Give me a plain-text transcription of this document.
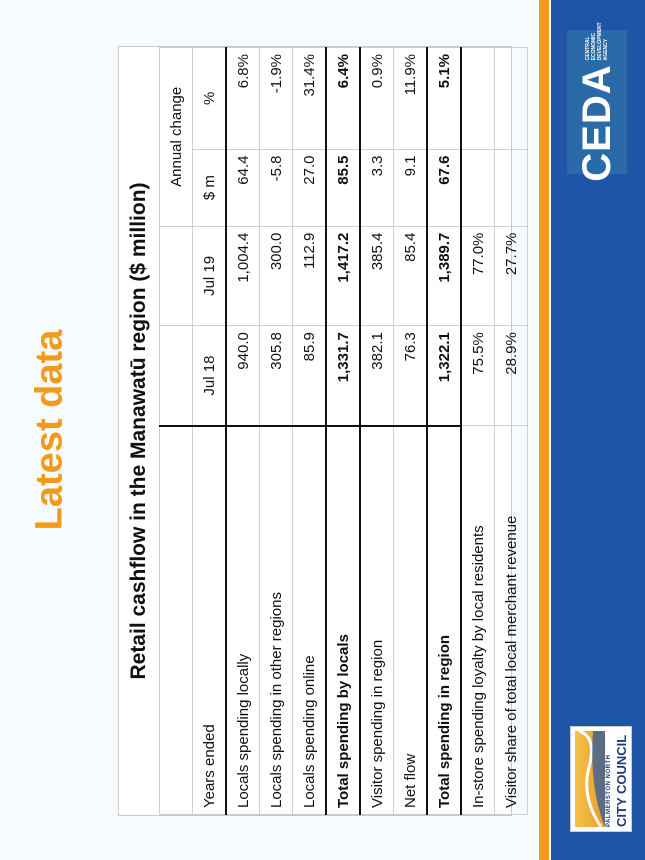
CEDA
CENTRAL ECONOMIC DEVELOPMENT AGENCY
PALMERSTON NORTH CITY COUNCIL
Latest data	Retail cashflow in the Manawatū region ($ million)
			Annual change	
Years ended	Jul 18	Jul 19	$ m	%
Locals spending locally	940.0	1,004.4	64.4	6.8%
Locals spending in other regions	305.8	300.0	-5.8	-1.9%
Locals spending online	85.9	112.9	27.0	31.4%
Total spending by locals	1,331.7	1,417.2	85.5	6.4%
Visitor spending in region	382.1	385.4	3.3	0.9%
Net flow	76.3	85.4	9.1	11.9%
Total spending in region	1,322.1	1,389.7	67.6	5.1%
In-store spending loyalty by local residents	75.5%	77.0%		
Visitor share of total local merchant revenue	28.9%	27.7%		
